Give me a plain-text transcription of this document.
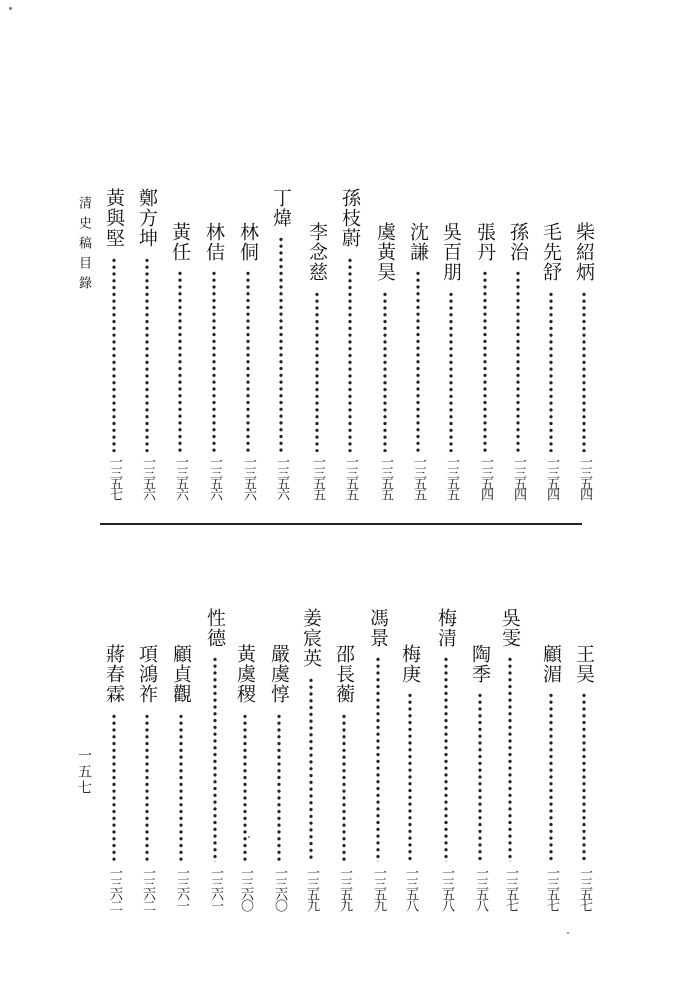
清史稿目錄
一五七
柴紹炳
一三五四
毛先舒
一三五四
孫治
一三五四
張丹
一三五四
吳百朋
一三五五
沈謙
一三五五
虞黃昊
一三五五
孫枝蔚
一三五五
李念慈
一三五五
丁煒
一三五六
林侗
一三五六
林佶
一三五六
黃任
一三五六
鄭方坤
一三五六
黃與堅
一三五七
王昊
一三五七
顧湄
一三五七
吳雯
一三五七
陶季
一三五八
梅清
一三五八
梅庚
一三五八
馮景
一三五九
邵長蘅
一三五九
姜宸英
一三五九
嚴虞惇
一三六〇
黃虞稷
一三六〇
性德
一三六一
顧貞觀
一三六一
項鴻祚
一三六二
蔣春霖
一三六二
